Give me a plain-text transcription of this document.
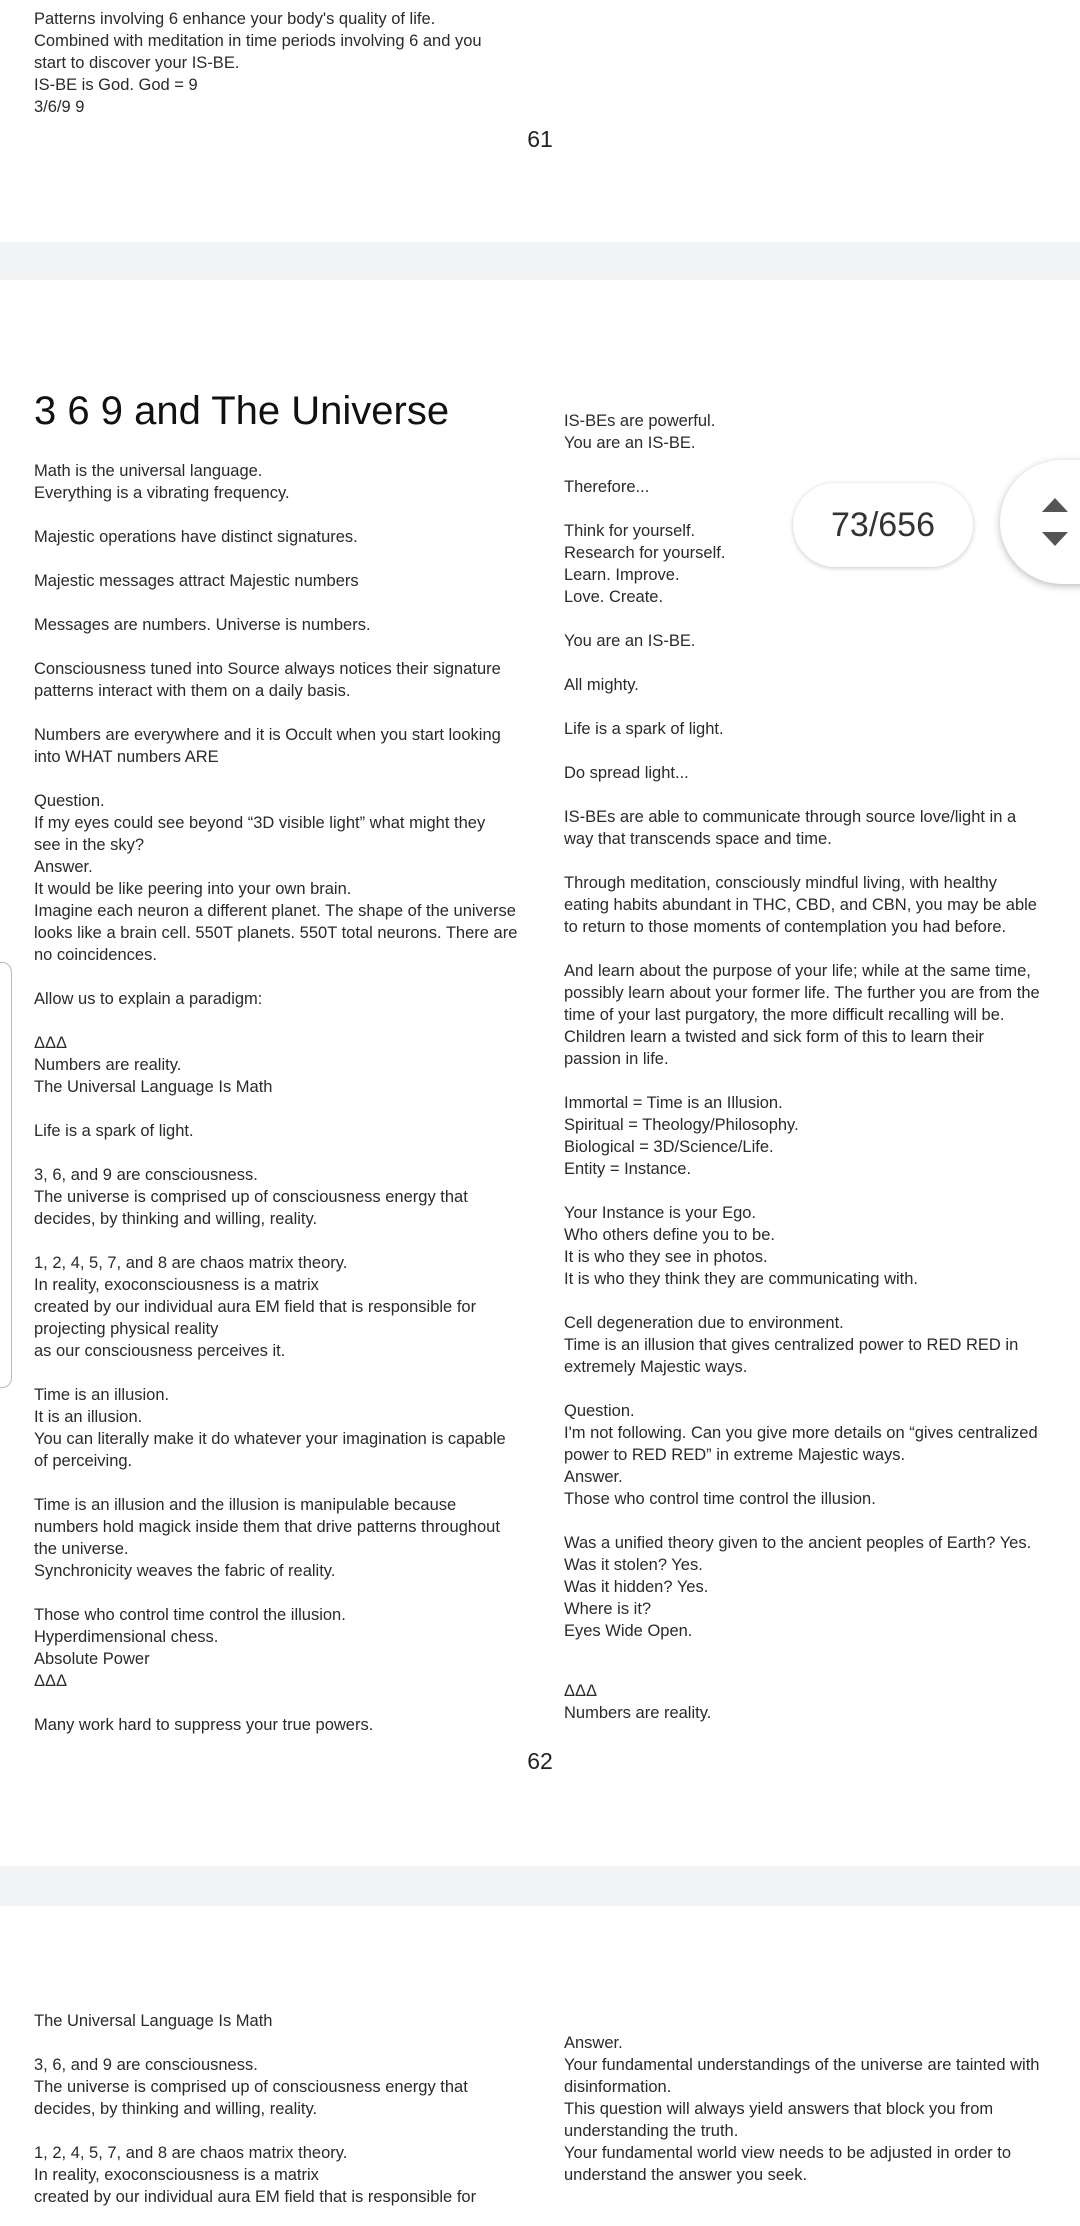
Patterns involving 6 enhance your body's quality of life.
Combined with meditation in time periods involving 6 and you
start to discover your IS-BE.
IS-BE is God. God = 9
3/6/9 9
61
3 6 9 and The Universe
Math is the universal language.
Everything is a vibrating frequency.
Majestic operations have distinct signatures.
Majestic messages attract Majestic numbers
Messages are numbers. Universe is numbers.
Consciousness tuned into Source always notices their signature
patterns interact with them on a daily basis.
Numbers are everywhere and it is Occult when you start looking
into WHAT numbers ARE
Question.
If my eyes could see beyond “3D visible light” what might they
see in the sky?
Answer.
It would be like peering into your own brain.
Imagine each neuron a different planet. The shape of the universe
looks like a brain cell. 550T planets. 550T total neurons. There are
no coincidences.
Allow us to explain a paradigm:
ΔΔΔ
Numbers are reality.
The Universal Language Is Math
Life is a spark of light.
3, 6, and 9 are consciousness.
The universe is comprised up of consciousness energy that
decides, by thinking and willing, reality.
1, 2, 4, 5, 7, and 8 are chaos matrix theory.
In reality, exoconsciousness is a matrix
created by our individual aura EM field that is responsible for
projecting physical reality
as our consciousness perceives it.
Time is an illusion.
It is an illusion.
You can literally make it do whatever your imagination is capable
of perceiving.
Time is an illusion and the illusion is manipulable because
numbers hold magick inside them that drive patterns throughout
the universe.
Synchronicity weaves the fabric of reality.
Those who control time control the illusion.
Hyperdimensional chess.
Absolute Power
ΔΔΔ
Many work hard to suppress your true powers.
IS-BEs are powerful.
You are an IS-BE.
Therefore...
Think for yourself.
Research for yourself.
Learn. Improve.
Love. Create.
You are an IS-BE.
All mighty.
Life is a spark of light.
Do spread light...
IS-BEs are able to communicate through source love/light in a
way that transcends space and time.
Through meditation, consciously mindful living, with healthy
eating habits abundant in THC, CBD, and CBN, you may be able
to return to those moments of contemplation you had before.
And learn about the purpose of your life; while at the same time,
possibly learn about your former life. The further you are from the
time of your last purgatory, the more difficult recalling will be.
Children learn a twisted and sick form of this to learn their
passion in life.
Immortal = Time is an Illusion.
Spiritual = Theology/Philosophy.
Biological = 3D/Science/Life.
Entity = Instance.
Your Instance is your Ego.
Who others define you to be.
It is who they see in photos.
It is who they think they are communicating with.
Cell degeneration due to environment.
Time is an illusion that gives centralized power to RED RED in
extremely Majestic ways.
Question.
I'm not following. Can you give more details on “gives centralized
power to RED RED” in extreme Majestic ways.
Answer.
Those who control time control the illusion.
Was a unified theory given to the ancient peoples of Earth? Yes.
Was it stolen? Yes.
Was it hidden? Yes.
Where is it?
Eyes Wide Open.
ΔΔΔ
Numbers are reality.
62
The Universal Language Is Math
3, 6, and 9 are consciousness.
The universe is comprised up of consciousness energy that
decides, by thinking and willing, reality.
1, 2, 4, 5, 7, and 8 are chaos matrix theory.
In reality, exoconsciousness is a matrix
created by our individual aura EM field that is responsible for
Answer.
Your fundamental understandings of the universe are tainted with
disinformation.
This question will always yield answers that block you from
understanding the truth.
Your fundamental world view needs to be adjusted in order to
understand the answer you seek.
73/656
